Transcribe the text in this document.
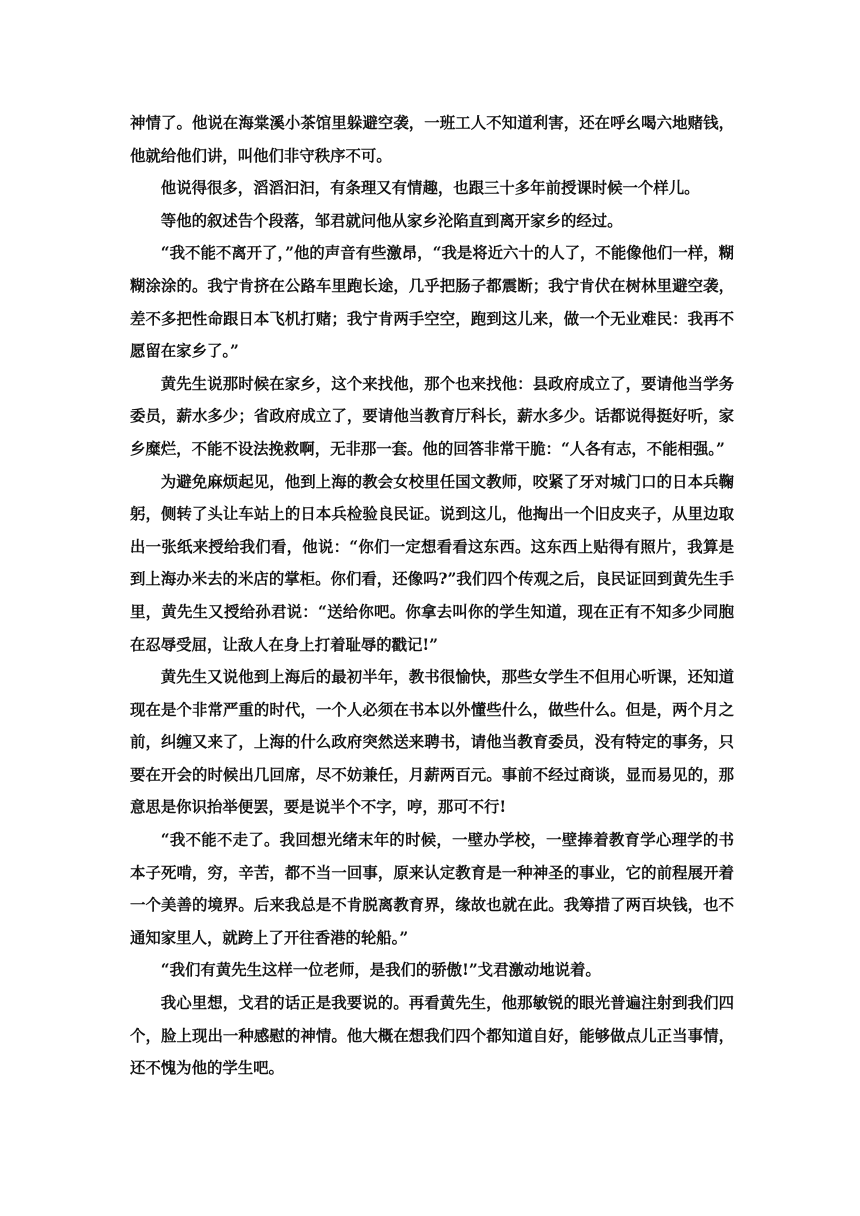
神情了。他说在海棠溪小茶馆里躲避空袭，一班工人不知道利害，还在呼幺喝六地赌钱，他就给他们讲，叫他们非守秩序不可。

他说得很多，滔滔汩汩，有条理又有情趣，也跟三十多年前授课时候一个样儿。

等他的叙述告个段落，邹君就问他从家乡沦陷直到离开家乡的经过。

“我不能不离开了，”他的声音有些激昂，“我是将近六十的人了，不能像他们一样，糊糊涂涂的。我宁肯挤在公路车里跑长途，几乎把肠子都震断；我宁肯伏在树林里避空袭，差不多把性命跟日本飞机打赌；我宁肯两手空空，跑到这儿来，做一个无业难民：我再不愿留在家乡了。”

黄先生说那时候在家乡，这个来找他，那个也来找他：县政府成立了，要请他当学务委员，薪水多少；省政府成立了，要请他当教育厅科长，薪水多少。话都说得挺好听，家乡糜烂，不能不设法挽救啊，无非那一套。他的回答非常干脆：“人各有志，不能相强。”

为避免麻烦起见，他到上海的教会女校里任国文教师，咬紧了牙对城门口的日本兵鞠躬，侧转了头让车站上的日本兵检验良民证。说到这儿，他掏出一个旧皮夹子，从里边取出一张纸来授给我们看，他说：“你们一定想看看这东西。这东西上贴得有照片，我算是到上海办米去的米店的掌柜。你们看，还像吗?”我们四个传观之后，良民证回到黄先生手里，黄先生又授给孙君说：“送给你吧。你拿去叫你的学生知道，现在正有不知多少同胞在忍辱受屈，让敌人在身上打着耻辱的戳记!”

黄先生又说他到上海后的最初半年，教书很愉快，那些女学生不但用心听课，还知道现在是个非常严重的时代，一个人必须在书本以外懂些什么，做些什么。但是，两个月之前，纠缠又来了，上海的什么政府突然送来聘书，请他当教育委员，没有特定的事务，只要在开会的时候出几回席，尽不妨兼任，月薪两百元。事前不经过商谈，显而易见的，那意思是你识抬举便罢，要是说半个不字，哼，那可不行!

“我不能不走了。我回想光绪末年的时候，一壁办学校，一壁捧着教育学心理学的书本子死啃，穷，辛苦，都不当一回事，原来认定教育是一种神圣的事业，它的前程展开着一个美善的境界。后来我总是不肯脱离教育界，缘故也就在此。我筹措了两百块钱，也不通知家里人，就跨上了开往香港的轮船。”

“我们有黄先生这样一位老师，是我们的骄傲!”戈君激动地说着。

我心里想，戈君的话正是我要说的。再看黄先生，他那敏锐的眼光普遍注射到我们四个，脸上现出一种感慰的神情。他大概在想我们四个都知道自好，能够做点儿正当事情，还不愧为他的学生吧。
